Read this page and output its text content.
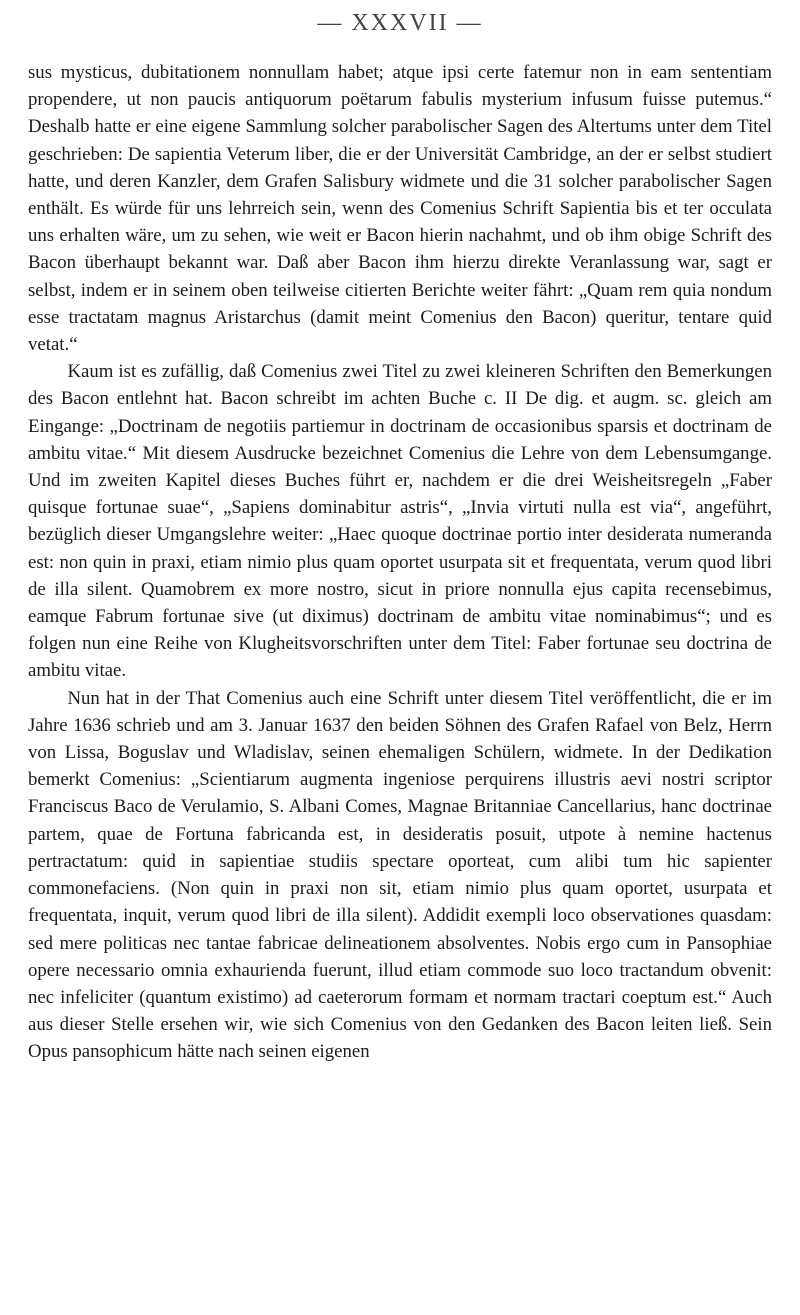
— XXXVII —

sus mysticus, dubitationem nonnullam habet; atque ipsi certe fatemur non in eam sententiam propendere, ut non paucis antiquorum poëtarum fabulis mysterium infusum fuisse putemus.“ Deshalb hatte er eine eigene Sammlung solcher parabolischer Sagen des Altertums unter dem Titel geschrieben: De sapientia Veterum liber, die er der Universität Cambridge, an der er selbst studiert hatte, und deren Kanzler, dem Grafen Salisbury widmete und die 31 solcher parabolischer Sagen enthält. Es würde für uns lehrreich sein, wenn des Comenius Schrift Sapientia bis et ter occulata uns erhalten wäre, um zu sehen, wie weit er Bacon hierin nachahmt, und ob ihm obige Schrift des Bacon überhaupt bekannt war. Daß aber Bacon ihm hierzu direkte Veranlassung war, sagt er selbst, indem er in seinem oben teilweise citierten Berichte weiter fährt: „Quam rem quia nondum esse tractatam magnus Aristarchus (damit meint Comenius den Bacon) queritur, tentare quid vetat.“

Kaum ist es zufällig, daß Comenius zwei Titel zu zwei kleineren Schriften den Bemerkungen des Bacon entlehnt hat. Bacon schreibt im achten Buche c. II De dig. et augm. sc. gleich am Eingange: „Doctrinam de negotiis partiemur in doctrinam de occasionibus sparsis et doctrinam de ambitu vitae.“ Mit diesem Ausdrucke bezeichnet Comenius die Lehre von dem Lebensumgange. Und im zweiten Kapitel dieses Buches führt er, nachdem er die drei Weisheitsregeln „Faber quisque fortunae suae“, „Sapiens dominabitur astris“, „Invia virtuti nulla est via“, angeführt, bezüglich dieser Umgangslehre weiter: „Haec quoque doctrinae portio inter desiderata numeranda est: non quin in praxi, etiam nimio plus quam oportet usurpata sit et frequentata, verum quod libri de illa silent. Quamobrem ex more nostro, sicut in priore nonnulla ejus capita recensebimus, eamque Fabrum fortunae sive (ut diximus) doctrinam de ambitu vitae nominabimus“; und es folgen nun eine Reihe von Klugheitsvorschriften unter dem Titel: Faber fortunae seu doctrina de ambitu vitae.

Nun hat in der That Comenius auch eine Schrift unter diesem Titel veröffentlicht, die er im Jahre 1636 schrieb und am 3. Januar 1637 den beiden Söhnen des Grafen Rafael von Belz, Herrn von Lissa, Boguslav und Wladislav, seinen ehemaligen Schülern, widmete. In der Dedikation bemerkt Comenius: „Scientiarum augmenta ingeniose perquirens illustris aevi nostri scriptor Franciscus Baco de Verulamio, S. Albani Comes, Magnae Britanniae Cancellarius, hanc doctrinae partem, quae de Fortuna fabricanda est, in desideratis posuit, utpote à nemine hactenus pertractatum: quid in sapientiae studiis spectare oporteat, cum alibi tum hic sapienter commonefaciens. (Non quin in praxi non sit, etiam nimio plus quam oportet, usurpata et frequentata, inquit, verum quod libri de illa silent). Addidit exempli loco observationes quasdam: sed mere politicas nec tantae fabricae delineationem absolventes. Nobis ergo cum in Pansophiae opere necessario omnia exhaurienda fuerunt, illud etiam commode suo loco tractandum obvenit: nec infeliciter (quantum existimo) ad caeterorum formam et normam tractari coeptum est.“ Auch aus dieser Stelle ersehen wir, wie sich Comenius von den Gedanken des Bacon leiten ließ. Sein Opus pansophicum hätte nach seinen eigenen
